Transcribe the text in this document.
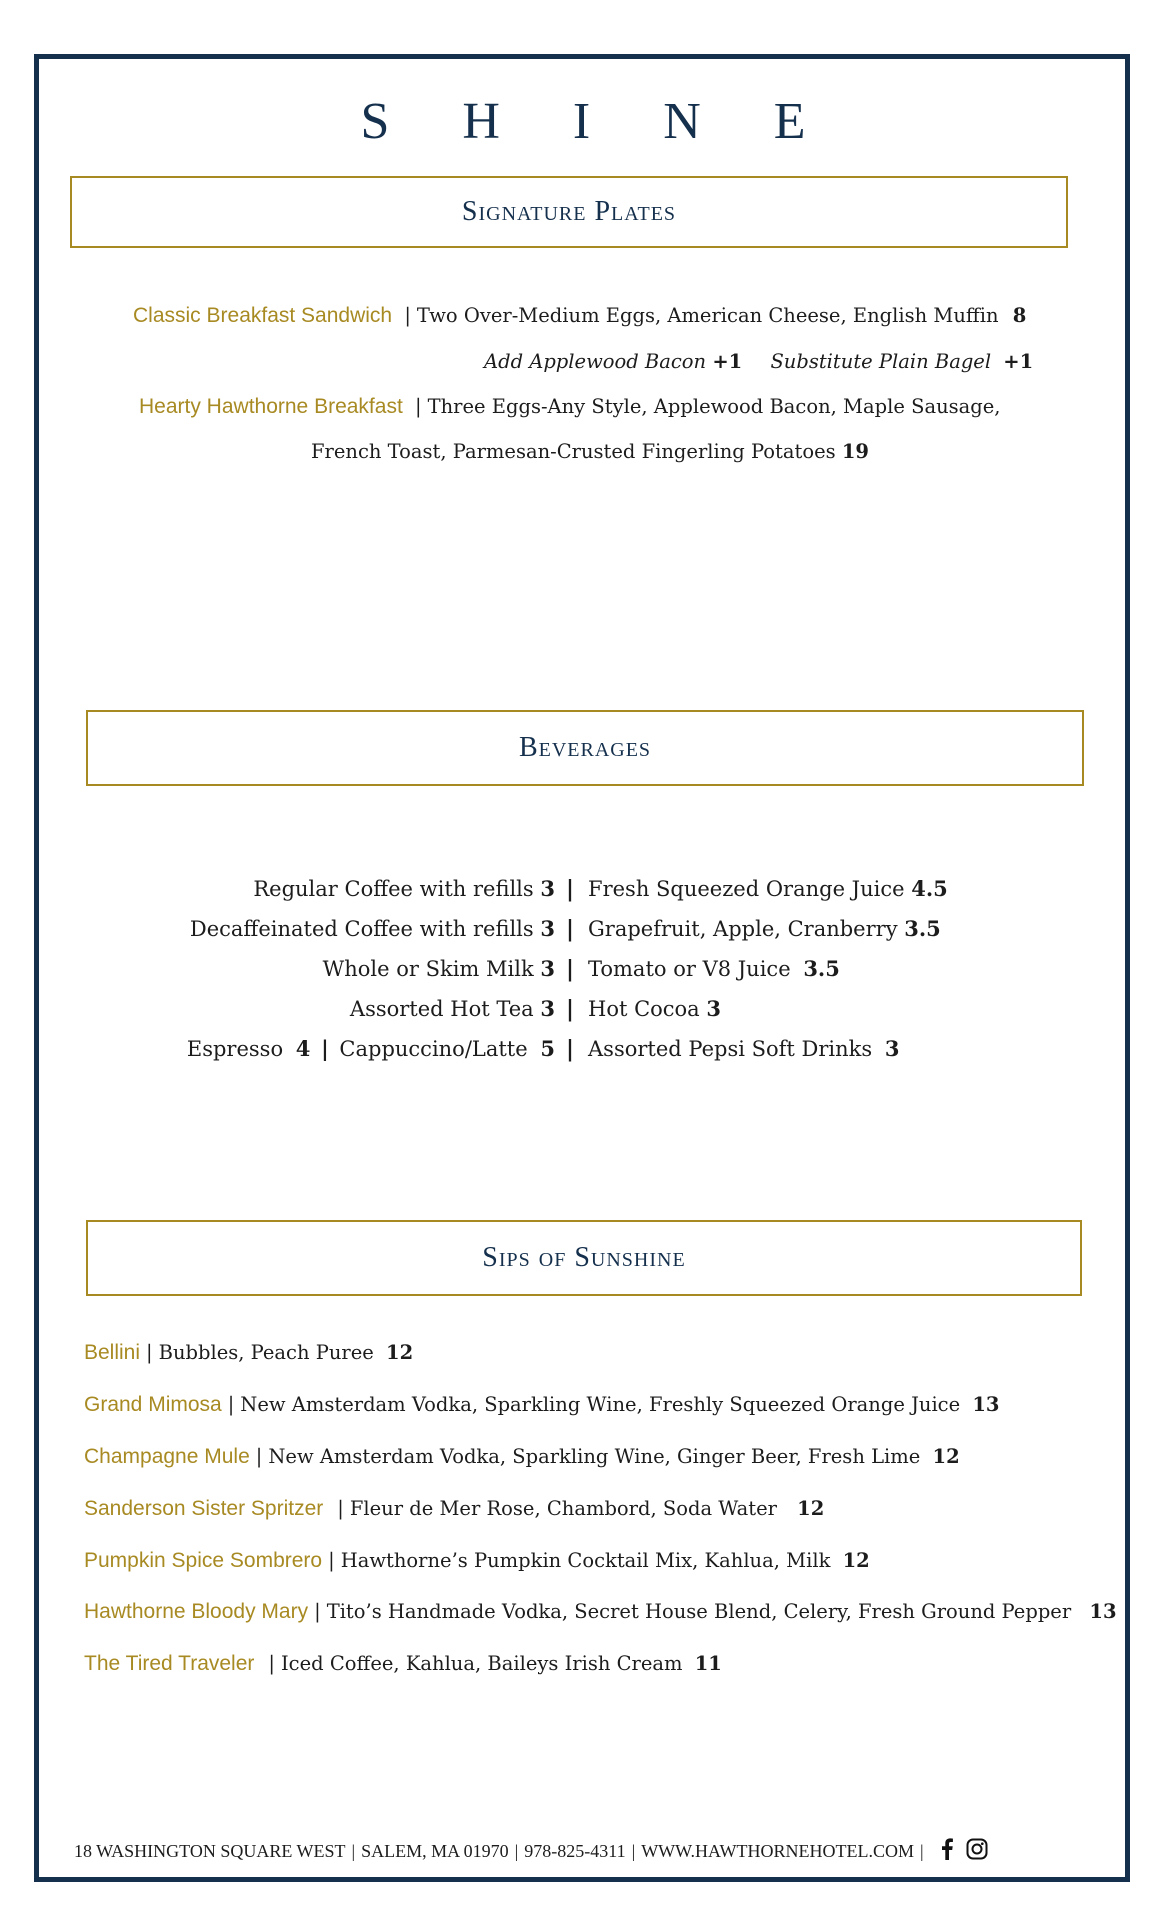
S H I N E
Signature Plates
Classic Breakfast Sandwich | Two Over-Medium Eggs, American Cheese, English Muffin 8
Add Applewood Bacon +1 Substitute Plain Bagel +1
Hearty Hawthorne Breakfast | Three Eggs-Any Style, Applewood Bacon, Maple Sausage,
French Toast, Parmesan-Crusted Fingerling Potatoes 19
Beverages
Regular Coffee with refills 3 | Fresh Squeezed Orange Juice 4.5
Decaffeinated Coffee with refills 3 | Grapefruit, Apple, Cranberry 3.5
Whole or Skim Milk 3 | Tomato or V8 Juice 3.5
Assorted Hot Tea 3 | Hot Cocoa 3
Espresso 4 | Cappuccino/Latte 5 | Assorted Pepsi Soft Drinks 3
Sips of Sunshine
Bellini | Bubbles, Peach Puree 12
Grand Mimosa | New Amsterdam Vodka, Sparkling Wine, Freshly Squeezed Orange Juice 13
Champagne Mule | New Amsterdam Vodka, Sparkling Wine, Ginger Beer, Fresh Lime 12
Sanderson Sister Spritzer | Fleur de Mer Rose, Chambord, Soda Water 12
Pumpkin Spice Sombrero | Hawthorne’s Pumpkin Cocktail Mix, Kahlua, Milk 12
Hawthorne Bloody Mary | Tito’s Handmade Vodka, Secret House Blend, Celery, Fresh Ground Pepper 13
The Tired Traveler | Iced Coffee, Kahlua, Baileys Irish Cream 11
18 WASHINGTON SQUARE WEST | SALEM, MA 01970 | 978-825-4311 | WWW.HAWTHORNEHOTEL.COM |
